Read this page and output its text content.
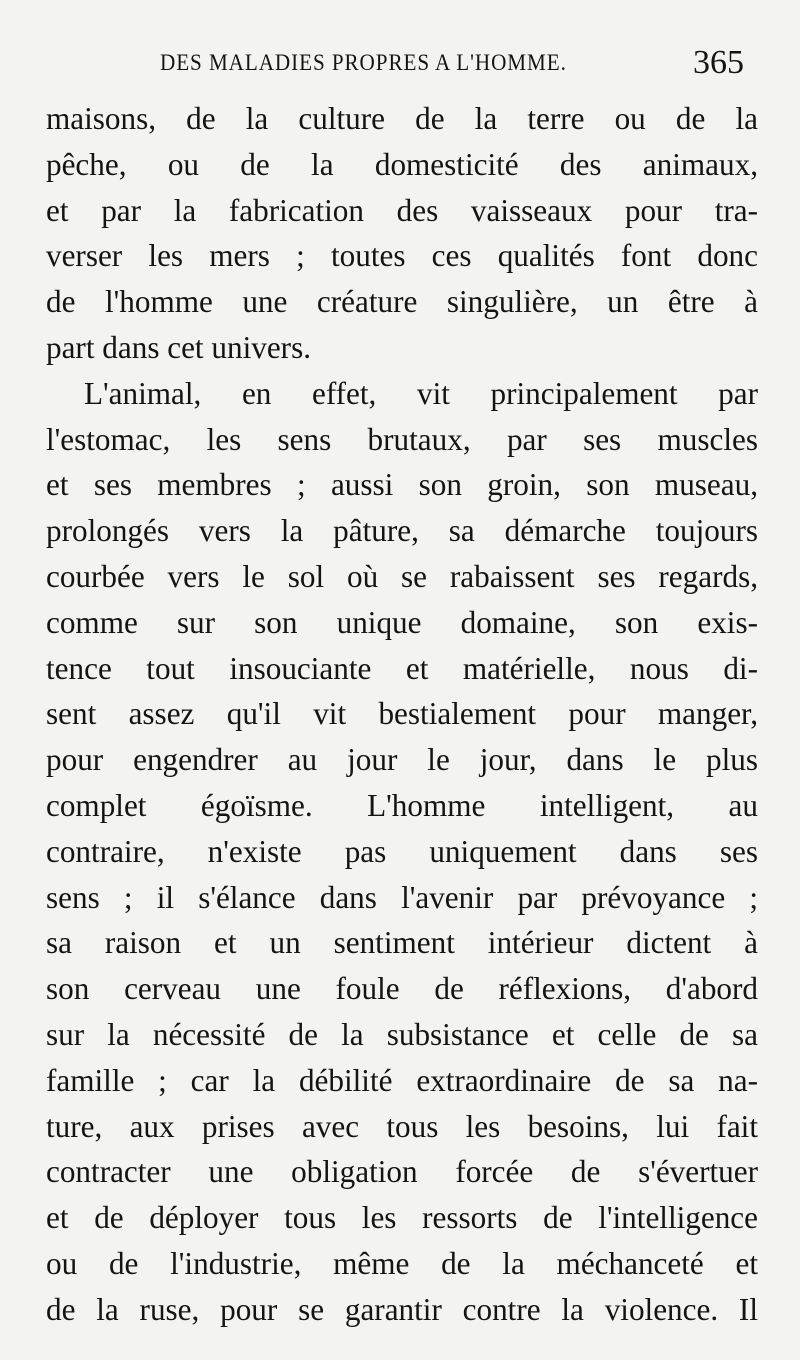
DES MALADIES PROPRES A L'HOMME.	365
maisons, de la culture de la terre ou de la
pêche, ou de la domesticité des animaux,
et par la fabrication des vaisseaux pour tra-
verser les mers ; toutes ces qualités font donc
de l'homme une créature singulière, un être à
part dans cet univers.
L'animal, en effet, vit principalement par
l'estomac, les sens brutaux, par ses muscles
et ses membres ; aussi son groin, son museau,
prolongés vers la pâture, sa démarche toujours
courbée vers le sol où se rabaissent ses regards,
comme sur son unique domaine, son exis-
tence tout insouciante et matérielle, nous di-
sent assez qu'il vit bestialement pour manger,
pour engendrer au jour le jour, dans le plus
complet égoïsme. L'homme intelligent, au
contraire, n'existe pas uniquement dans ses
sens ; il s'élance dans l'avenir par prévoyance ;
sa raison et un sentiment intérieur dictent à
son cerveau une foule de réflexions, d'abord
sur la nécessité de la subsistance et celle de sa
famille ; car la débilité extraordinaire de sa na-
ture, aux prises avec tous les besoins, lui fait
contracter une obligation forcée de s'évertuer
et de déployer tous les ressorts de l'intelligence
ou de l'industrie, même de la méchanceté et
de la ruse, pour se garantir contre la violence. Il
